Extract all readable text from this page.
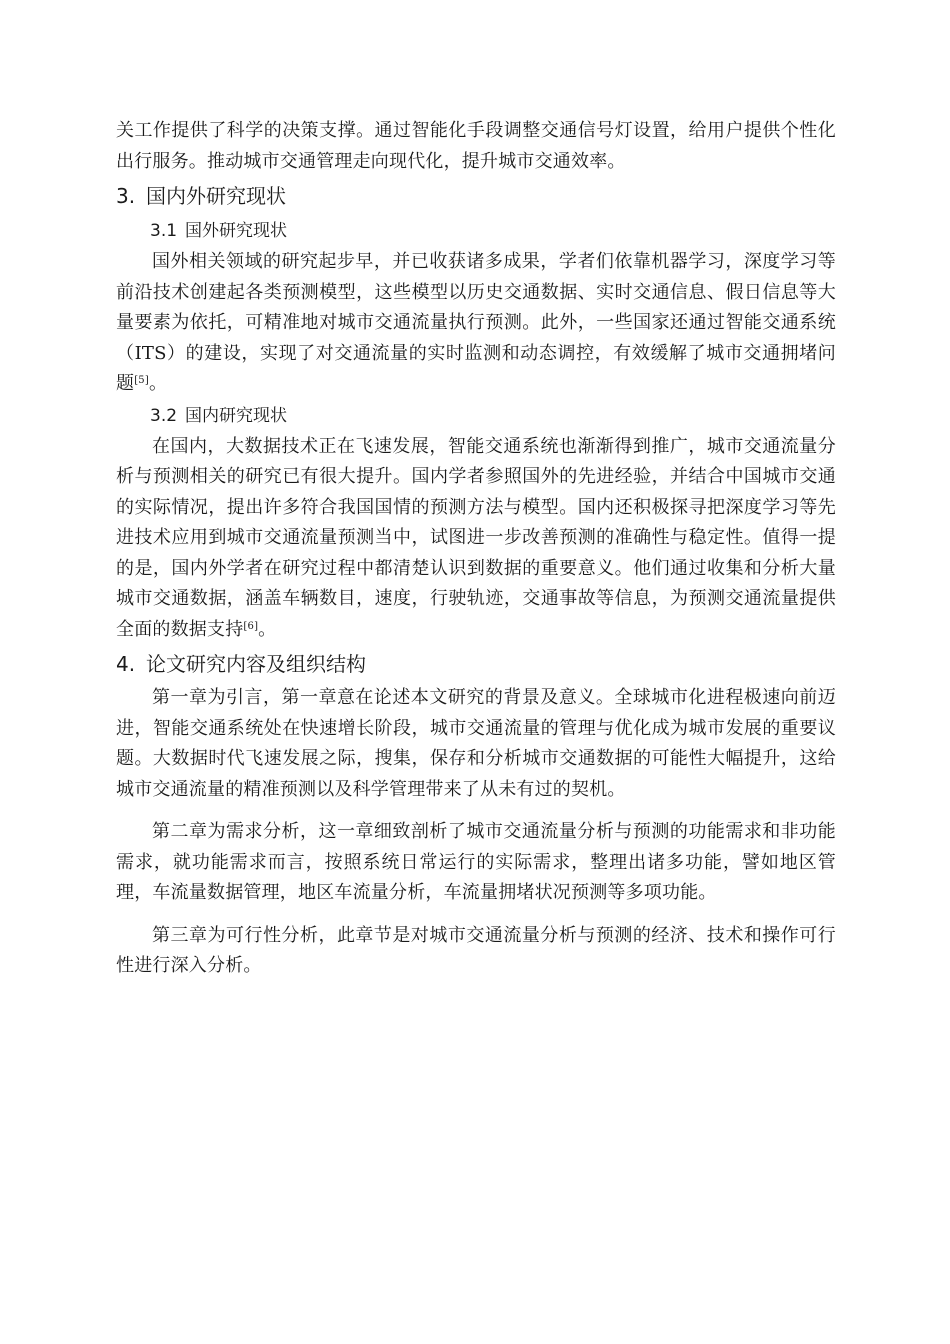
关工作提供了科学的决策支撑。通过智能化手段调整交通信号灯设置，给用户提供个性化出行服务。推动城市交通管理走向现代化，提升城市交通效率。

3. 国内外研究现状
3.1 国外研究现状

国外相关领域的研究起步早，并已收获诸多成果，学者们依靠机器学习，深度学习等前沿技术创建起各类预测模型，这些模型以历史交通数据、实时交通信息、假日信息等大量要素为依托，可精准地对城市交通流量执行预测。此外，一些国家还通过智能交通系统（ITS）的建设，实现了对交通流量的实时监测和动态调控，有效缓解了城市交通拥堵问题[5]。

3.2 国内研究现状

在国内，大数据技术正在飞速发展，智能交通系统也渐渐得到推广，城市交通流量分析与预测相关的研究已有很大提升。国内学者参照国外的先进经验，并结合中国城市交通的实际情况，提出许多符合我国国情的预测方法与模型。国内还积极探寻把深度学习等先进技术应用到城市交通流量预测当中，试图进一步改善预测的准确性与稳定性。值得一提的是，国内外学者在研究过程中都清楚认识到数据的重要意义。他们通过收集和分析大量城市交通数据，涵盖车辆数目，速度，行驶轨迹，交通事故等信息，为预测交通流量提供全面的数据支持[6]。

4. 论文研究内容及组织结构

第一章为引言，第一章意在论述本文研究的背景及意义。全球城市化进程极速向前迈进，智能交通系统处在快速增长阶段，城市交通流量的管理与优化成为城市发展的重要议题。大数据时代飞速发展之际，搜集，保存和分析城市交通数据的可能性大幅提升，这给城市交通流量的精准预测以及科学管理带来了从未有过的契机。

第二章为需求分析，这一章细致剖析了城市交通流量分析与预测的功能需求和非功能需求，就功能需求而言，按照系统日常运行的实际需求，整理出诸多功能，譬如地区管理，车流量数据管理，地区车流量分析，车流量拥堵状况预测等多项功能。

第三章为可行性分析，此章节是对城市交通流量分析与预测的经济、技术和操作可行性进行深入分析。
